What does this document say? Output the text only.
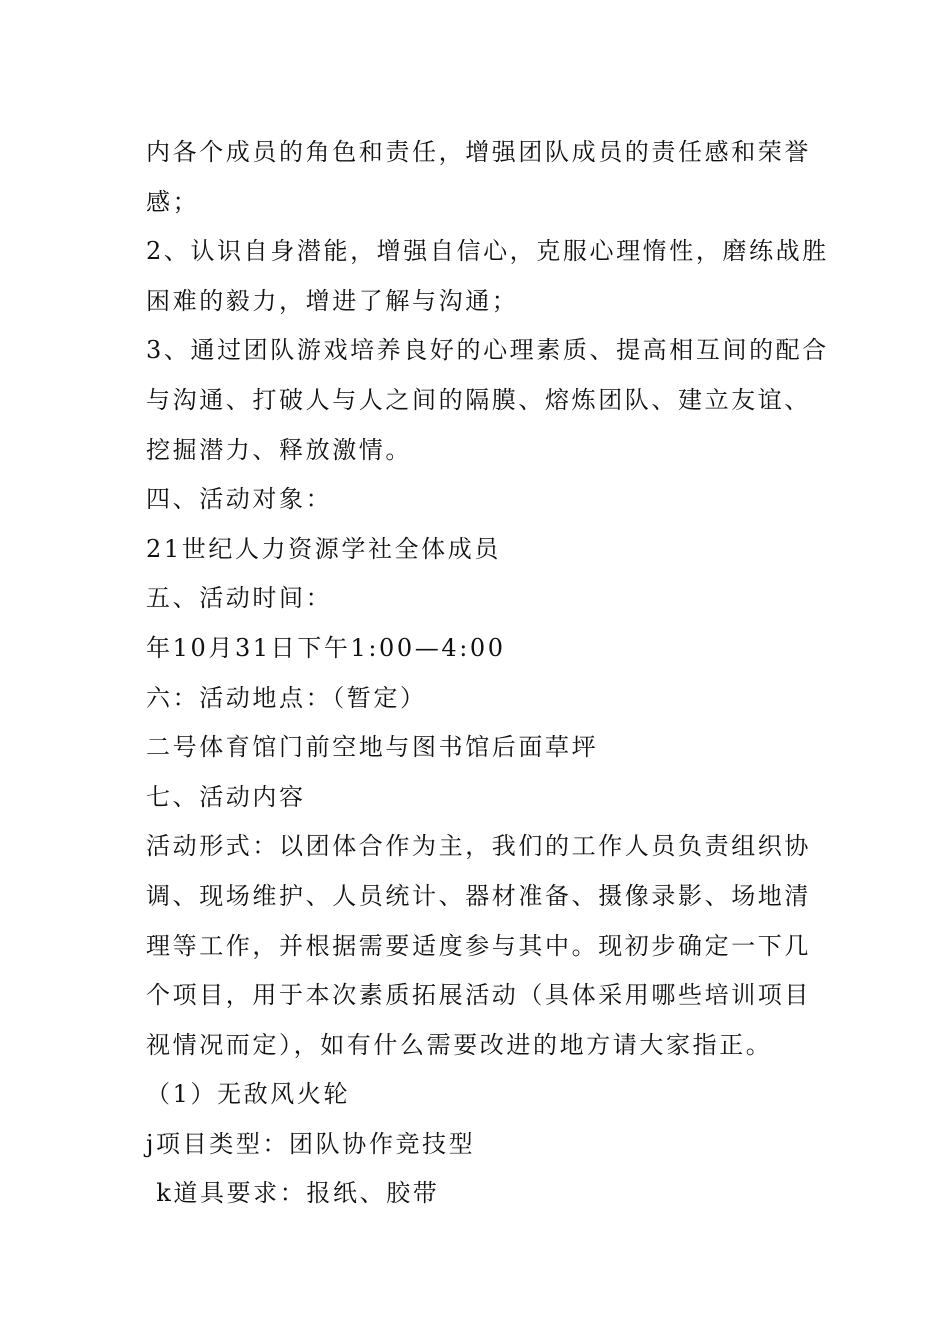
内各个成员的角色和责任，增强团队成员的责任感和荣誉
感；
2、认识自身潜能，增强自信心，克服心理惰性，磨练战胜
困难的毅力，增进了解与沟通；
3、通过团队游戏培养良好的心理素质、提高相互间的配合
与沟通、打破人与人之间的隔膜、熔炼团队、建立友谊、
挖掘潜力、释放激情。
四、活动对象：
21世纪人力资源学社全体成员
五、活动时间：
年10月31日下午1:00—4:00
六：活动地点：（暂定）
二号体育馆门前空地与图书馆后面草坪
七、活动内容
活动形式：以团体合作为主，我们的工作人员负责组织协
调、现场维护、人员统计、器材准备、摄像录影、场地清
理等工作，并根据需要适度参与其中。现初步确定一下几
个项目，用于本次素质拓展活动（具体采用哪些培训项目
视情况而定），如有什么需要改进的地方请大家指正。
（1）无敌风火轮
j项目类型：团队协作竞技型
k道具要求：报纸、胶带
